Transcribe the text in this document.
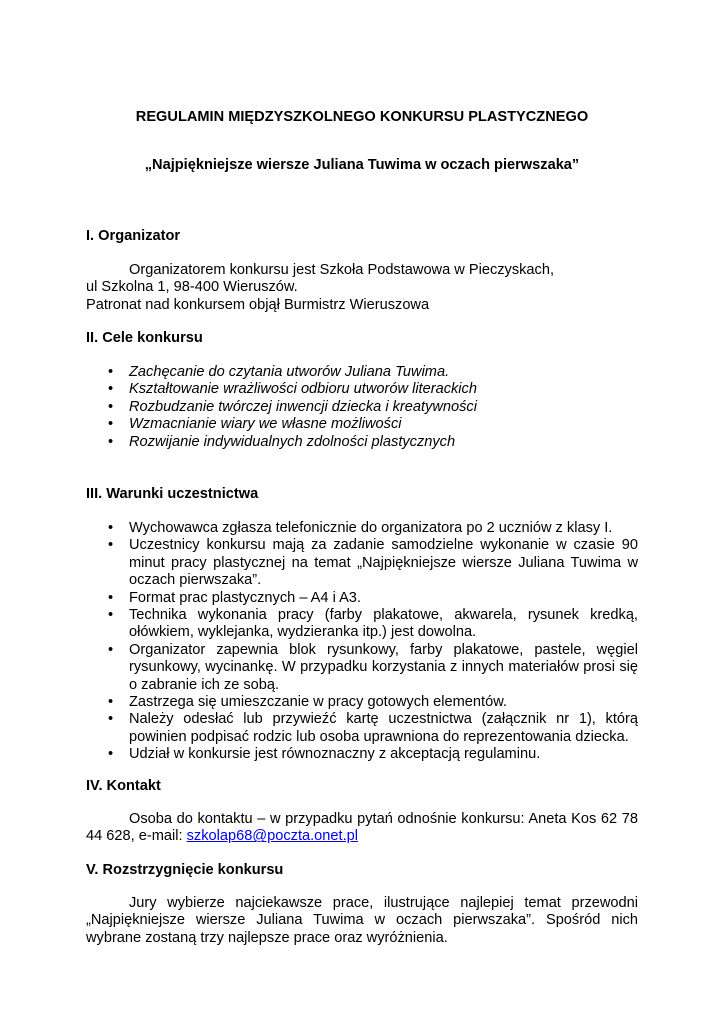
REGULAMIN MIĘDZYSZKOLNEGO KONKURSU PLASTYCZNEGO

„Najpiękniejsze wiersze Juliana Tuwima w oczach pierwszaka”

I. Organizator

Organizatorem konkursu jest Szkoła Podstawowa w Pieczyskach,

ul Szkolna 1, 98-400 Wieruszów.

Patronat nad konkursem objął Burmistrz Wieruszowa

II. Cele konkursu

• Zachęcanie do czytania utworów Juliana Tuwima.
• Kształtowanie wrażliwości odbioru utworów literackich
• Rozbudzanie twórczej inwencji dziecka i kreatywności
• Wzmacnianie wiary we własne możliwości
• Rozwijanie indywidualnych zdolności plastycznych

III. Warunki uczestnictwa

• Wychowawca zgłasza telefonicznie do organizatora po 2 uczniów z klasy I.
• Uczestnicy konkursu mają za zadanie samodzielne wykonanie w czasie 90 minut pracy plastycznej na temat „Najpiękniejsze wiersze Juliana Tuwima w oczach pierwszaka”.
• Format prac plastycznych – A4 i A3.
• Technika wykonania pracy (farby plakatowe, akwarela, rysunek kredką, ołówkiem, wyklejanka, wydzieranka itp.) jest dowolna.
• Organizator zapewnia blok rysunkowy, farby plakatowe, pastele, węgiel rysunkowy, wycinankę. W przypadku korzystania z innych materiałów prosi się o zabranie ich ze sobą.
• Zastrzega się umieszczanie w pracy gotowych elementów.
• Należy odesłać lub przywieźć kartę uczestnictwa (załącznik nr 1), którą powinien podpisać rodzic lub osoba uprawniona do reprezentowania dziecka.
• Udział w konkursie jest równoznaczny z akceptacją regulaminu.

IV. Kontakt

Osoba do kontaktu – w przypadku pytań odnośnie konkursu: Aneta Kos 62 78 44 628, e-mail: szkolap68@poczta.onet.pl

V. Rozstrzygnięcie konkursu

Jury wybierze najciekawsze prace, ilustrujące najlepiej temat przewodni „Najpiękniejsze wiersze Juliana Tuwima w oczach pierwszaka”. Spośród nich wybrane zostaną trzy najlepsze prace oraz wyróżnienia.
